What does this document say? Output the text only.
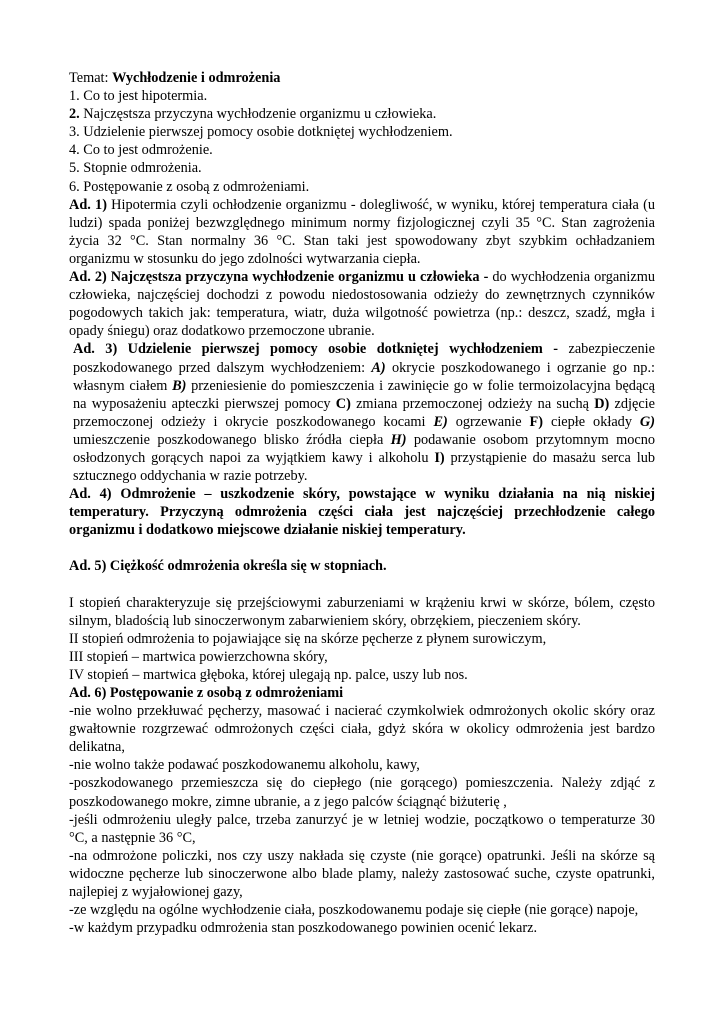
Temat: Wychłodzenie i odmrożenia

1. Co to jest hipotermia.

2. Najczęstsza przyczyna wychłodzenie organizmu u człowieka.

3. Udzielenie pierwszej pomocy osobie dotkniętej wychłodzeniem.

4. Co to jest odmrożenie.

5. Stopnie odmrożenia.

6. Postępowanie z osobą z odmrożeniami.

Ad. 1) Hipotermia czyli ochłodzenie organizmu - dolegliwość, w wyniku, której temperatura ciała (u ludzi) spada poniżej bezwzględnego minimum normy fizjologicznej czyli 35 °C. Stan zagrożenia życia 32 °C. Stan normalny 36 °C. Stan taki jest spowodowany zbyt szybkim ochładzaniem organizmu w stosunku do jego zdolności wytwarzania ciepła.

Ad. 2) Najczęstsza przyczyna wychłodzenie organizmu u człowieka - do wychłodzenia organizmu człowieka, najczęściej dochodzi z powodu niedostosowania odzieży do zewnętrznych czynników pogodowych takich jak: temperatura, wiatr, duża wilgotność powietrza (np.: deszcz, szadź, mgła i opady śniegu) oraz dodatkowo przemoczone ubranie.

Ad. 3) Udzielenie pierwszej pomocy osobie dotkniętej wychłodzeniem - zabezpieczenie poszkodowanego przed dalszym wychłodzeniem: A) okrycie poszkodowanego i ogrzanie go np.: własnym ciałem B) przeniesienie do pomieszczenia i zawinięcie go w folie termoizolacyjna będącą na wyposażeniu apteczki pierwszej pomocy C) zmiana przemoczonej odzieży na suchą D) zdjęcie przemoczonej odzieży i okrycie poszkodowanego kocami E) ogrzewanie F) ciepłe okłady G) umieszczenie poszkodowanego blisko źródła ciepła H) podawanie osobom przytomnym mocno osłodzonych gorących napoi za wyjątkiem kawy i alkoholu I) przystąpienie do masażu serca lub sztucznego oddychania w razie potrzeby.

Ad. 4) Odmrożenie – uszkodzenie skóry, powstające w wyniku działania na nią niskiej temperatury. Przyczyną odmrożenia części ciała jest najczęściej przechłodzenie całego organizmu i dodatkowo miejscowe działanie niskiej temperatury.

Ad. 5) Ciężkość odmrożenia określa się w stopniach.

I stopień charakteryzuje się przejściowymi zaburzeniami w krążeniu krwi w skórze, bólem, często silnym, bladością lub sinoczerwonym zabarwieniem skóry, obrzękiem, pieczeniem skóry.

II stopień odmrożenia to pojawiające się na skórze pęcherze z płynem surowiczym,

III stopień – martwica powierzchowna skóry,

IV stopień – martwica głęboka, której ulegają np. palce, uszy lub nos.

Ad. 6) Postępowanie z osobą z odmrożeniami

-nie wolno przekłuwać pęcherzy, masować i nacierać czymkolwiek odmrożonych okolic skóry oraz gwałtownie rozgrzewać odmrożonych części ciała, gdyż skóra w okolicy odmrożenia jest bardzo delikatna,

-nie wolno także podawać poszkodowanemu alkoholu, kawy,

-poszkodowanego przemieszcza się do ciepłego (nie gorącego) pomieszczenia. Należy zdjąć z poszkodowanego mokre, zimne ubranie, a z jego palców ściągnąć biżuterię ,

-jeśli odmrożeniu uległy palce, trzeba zanurzyć je w letniej wodzie, początkowo o temperaturze 30 °C, a następnie 36 °C,

-na odmrożone policzki, nos czy uszy nakłada się czyste (nie gorące) opatrunki. Jeśli na skórze są widoczne pęcherze lub sinoczerwone albo blade plamy, należy zastosować suche, czyste opatrunki, najlepiej z wyjałowionej gazy,

-ze względu na ogólne wychłodzenie ciała, poszkodowanemu podaje się ciepłe (nie gorące) napoje,

-w każdym przypadku odmrożenia stan poszkodowanego powinien ocenić lekarz.
